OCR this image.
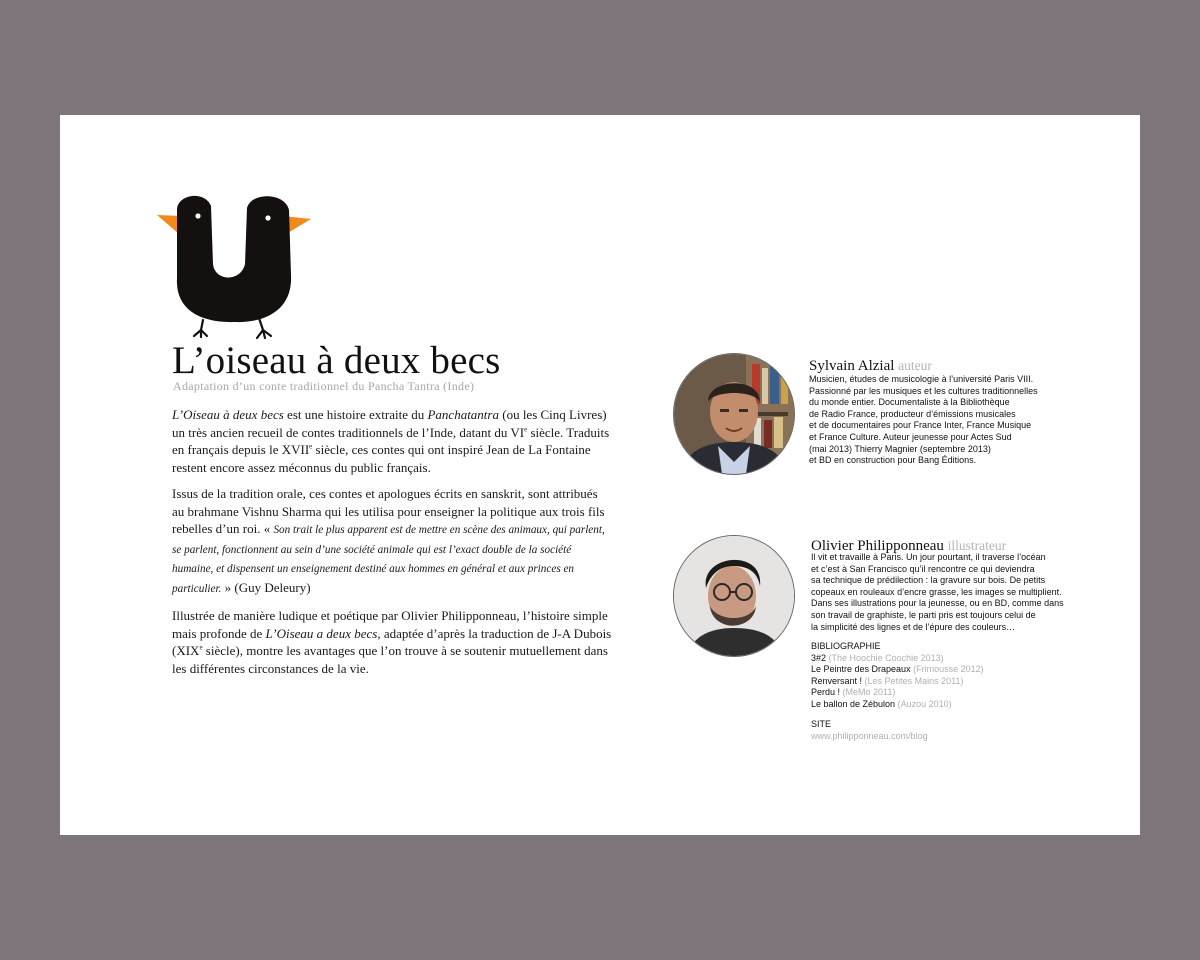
L’oiseau à deux becs
Adaptation d’un conte traditionnel du Pancha Tantra (Inde)

L’Oiseau à deux becs est une histoire extraite du Panchatantra (ou les Cinq Livres) un très ancien recueil de contes traditionnels de l’Inde, datant du VIe siècle. Traduits en français depuis le XVIIe siècle, ces contes qui ont inspiré Jean de La Fontaine restent encore assez méconnus du public français.

Issus de la tradition orale, ces contes et apologues écrits en sanskrit, sont attribués au brahmane Vishnu Sharma qui les utilisa pour enseigner la politique aux trois fils rebelles d’un roi. « Son trait le plus apparent est de mettre en scène des animaux, qui parlent, se parlent, fonctionnent au sein d’une société animale qui est l’exact double de la société humaine, et dispensent un enseignement destiné aux hommes en général et aux princes en particulier. » (Guy Deleury)

Illustrée de manière ludique et poétique par Olivier Philipponneau, l’histoire simple mais profonde de L’Oiseau a deux becs, adaptée d’après la traduction de J-A Dubois (XIXe siècle), montre les avantages que l’on trouve à se soutenir mutuellement dans les différentes circonstances de la vie.

Sylvain Alzial auteur
Musicien, études de musicologie à l’université Paris VIII.
Passionné par les musiques et les cultures traditionnelles
du monde entier. Documentaliste à la Bibliothèque
de Radio France, producteur d’émissions musicales
et de documentaires pour France Inter, France Musique
et France Culture. Auteur jeunesse pour Actes Sud
(mai 2013) Thierry Magnier (septembre 2013)
et BD en construction pour Bang Éditions.
Olivier Philipponneau illustrateur
Il vit et travaille à Paris. Un jour pourtant, il traverse l’océan
et c’est à San Francisco qu’il rencontre ce qui deviendra
sa technique de prédilection : la gravure sur bois. De petits
copeaux en rouleaux d’encre grasse, les images se multiplient.
Dans ses illustrations pour la jeunesse, ou en BD, comme dans
son travail de graphiste, le parti pris est toujours celui de
la simplicité des lignes et de l’épure des couleurs…
BIBLIOGRAPHIE
3#2 (The Hoochie Coochie 2013)
Le Peintre des Drapeaux (Frimousse 2012)
Renversant ! (Les Petites Mains 2011)
Perdu ! (MeMo 2011)
Le ballon de Zébulon (Auzou 2010)
SITE
www.philipponneau.com/blog
